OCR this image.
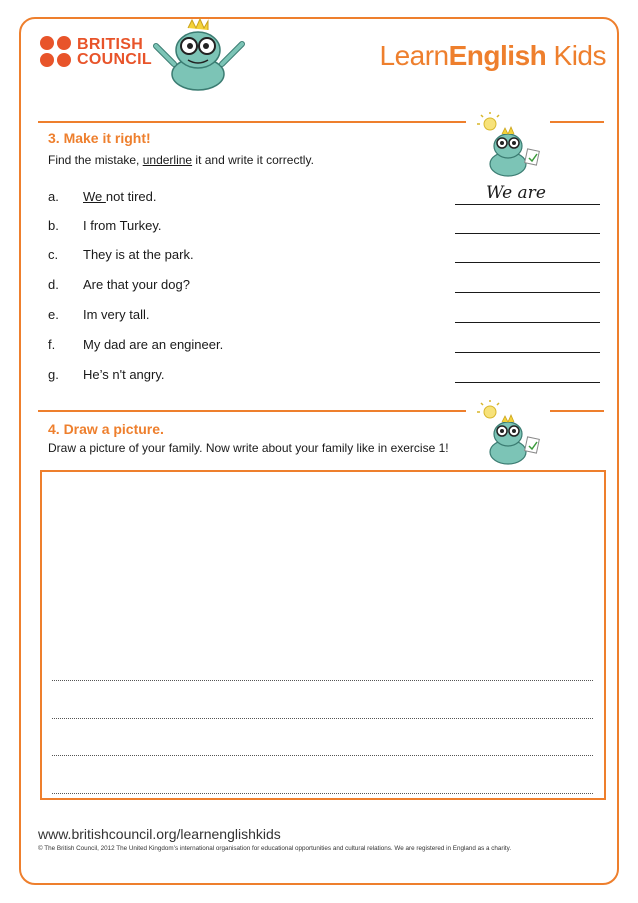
BRITISH
COUNCIL	LearnEnglish Kids
3. Make it right!
Find the mistake, underline it and write it correctly.
a. We not tired.	We are
b. I from Turkey.
c. They is at the park.
d. Are that your dog?
e. Im very tall.
f. My dad are an engineer.
g. He’s n't angry.
4. Draw a picture.
Draw a picture of your family. Now write about your family like in exercise 1!
www.britishcouncil.org/learnenglishkids
© The British Council, 2012 The United Kingdom’s international organisation for educational opportunities and cultural relations. We are registered in England as a charity.
